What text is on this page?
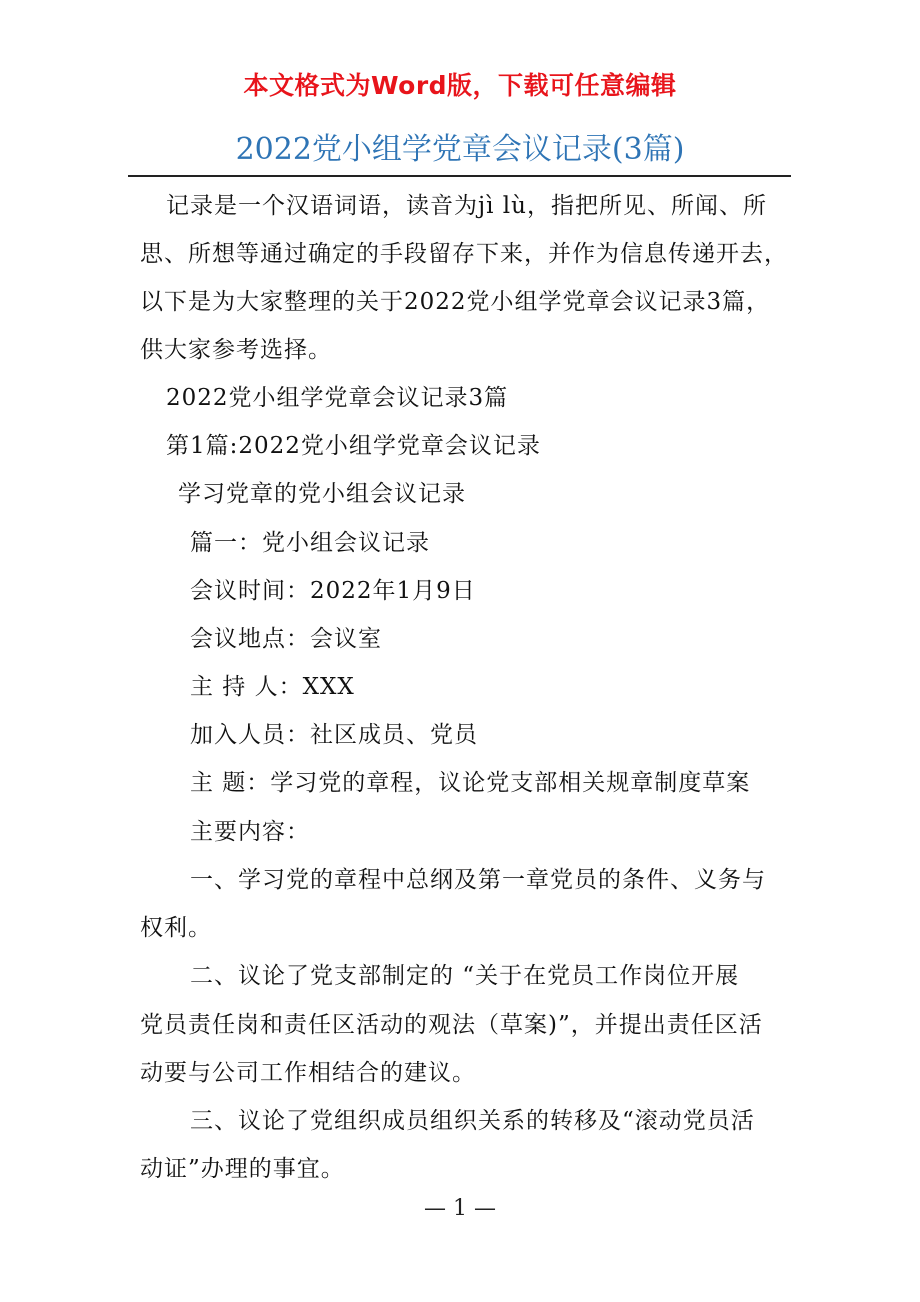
本文格式为Word版，下载可任意编辑
2022党小组学党章会议记录(3篇)
记录是一个汉语词语，读音为jì lù，指把所见、所闻、所
思、所想等通过确定的手段留存下来，并作为信息传递开去，
以下是为大家整理的关于2022党小组学党章会议记录3篇，
供大家参考选择。
2022党小组学党章会议记录3篇
第1篇:2022党小组学党章会议记录
学习党章的党小组会议记录
篇一：党小组会议记录
会议时间：2022年1月9日
会议地点：会议室
主 持 人：XXX
加入人员：社区成员、党员
主 题：学习党的章程，议论党支部相关规章制度草案
主要内容：
一、学习党的章程中总纲及第一章党员的条件、义务与
权利。
二、议论了党支部制定的 “关于在党员工作岗位开展
党员责任岗和责任区活动的观法（草案)”，并提出责任区活
动要与公司工作相结合的建议。
三、议论了党组织成员组织关系的转移及“滚动党员活
动证”办理的事宜。
— 1 —
